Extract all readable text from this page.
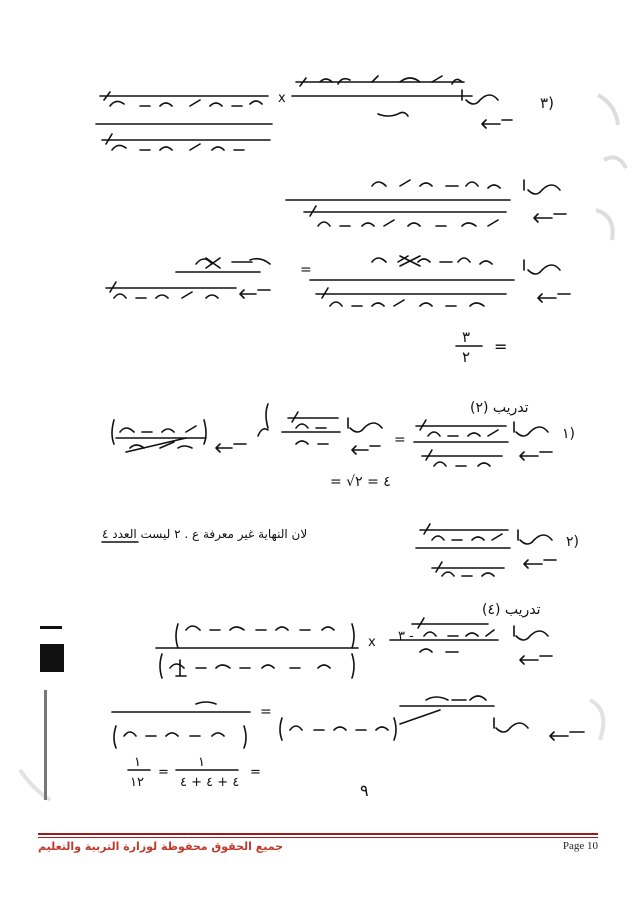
٣)
x
=
٣
٢
=
تدريب (٢)
١)
=
= √٤ = ٢
٢)
لان النهاية غير معرفة ع . ٢ ليست العدد ٤
تدريب (٤)
٣ -
x
=
١
١٢
=
١
٤ + ٤ + ٤
=
٩
جميع الحقوق محفوظة لوزارة التربية والتعليم	Page 10
